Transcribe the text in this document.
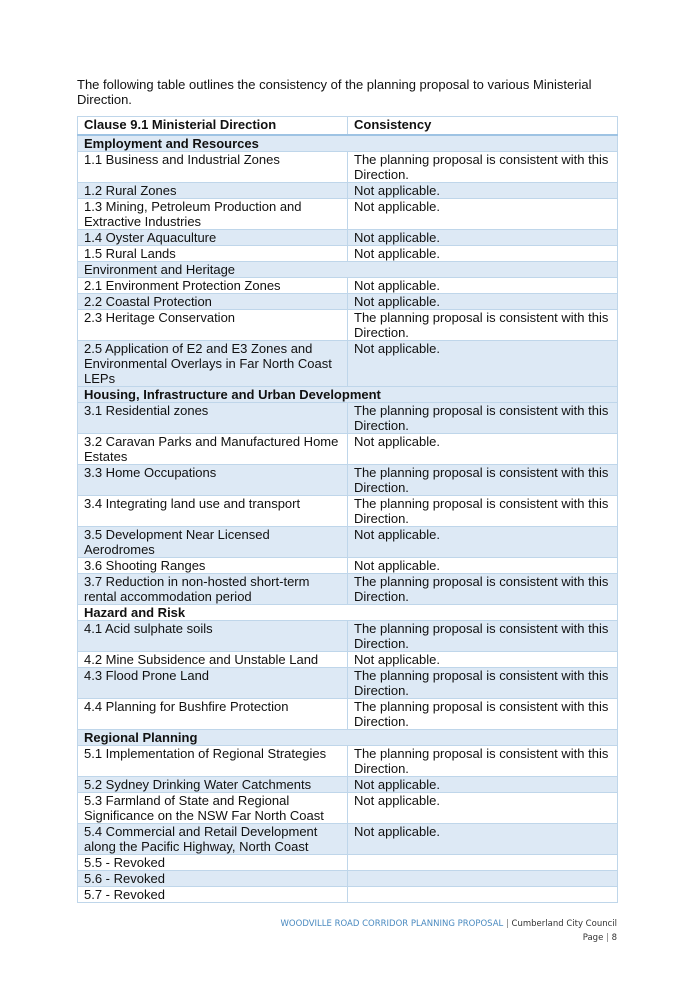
The following table outlines the consistency of the planning proposal to various Ministerial Direction.
Clause 9.1 Ministerial Direction	Consistency
Employment and Resources	
1.1 Business and Industrial Zones	The planning proposal is consistent with this Direction.
1.2 Rural Zones	Not applicable.
1.3 Mining, Petroleum Production and Extractive Industries	Not applicable.
1.4 Oyster Aquaculture	Not applicable.
1.5 Rural Lands	Not applicable.
Environment and Heritage	
2.1 Environment Protection Zones	Not applicable.
2.2 Coastal Protection	Not applicable.
2.3 Heritage Conservation	The planning proposal is consistent with this Direction.
2.5 Application of E2 and E3 Zones and Environmental Overlays in Far North Coast LEPs	Not applicable.
Housing, Infrastructure and Urban Development	
3.1 Residential zones	The planning proposal is consistent with this Direction.
3.2 Caravan Parks and Manufactured Home Estates	Not applicable.
3.3 Home Occupations	The planning proposal is consistent with this Direction.
3.4 Integrating land use and transport	The planning proposal is consistent with this Direction.
3.5 Development Near Licensed Aerodromes	Not applicable.
3.6 Shooting Ranges	Not applicable.
3.7 Reduction in non-hosted short-term rental accommodation period	The planning proposal is consistent with this Direction.
Hazard and Risk	
4.1 Acid sulphate soils	The planning proposal is consistent with this Direction.
4.2 Mine Subsidence and Unstable Land	Not applicable.
4.3 Flood Prone Land	The planning proposal is consistent with this Direction.
4.4 Planning for Bushfire Protection	The planning proposal is consistent with this Direction.
Regional Planning	
5.1 Implementation of Regional Strategies	The planning proposal is consistent with this Direction.
5.2 Sydney Drinking Water Catchments	Not applicable.
5.3 Farmland of State and Regional Significance on the NSW Far North Coast	Not applicable.
5.4 Commercial and Retail Development along the Pacific Highway, North Coast	Not applicable.
5.5 - Revoked	
5.6 - Revoked	
5.7 - Revoked	
WOODVILLE ROAD CORRIDOR PLANNING PROPOSAL | Cumberland City Council
Page | 8
